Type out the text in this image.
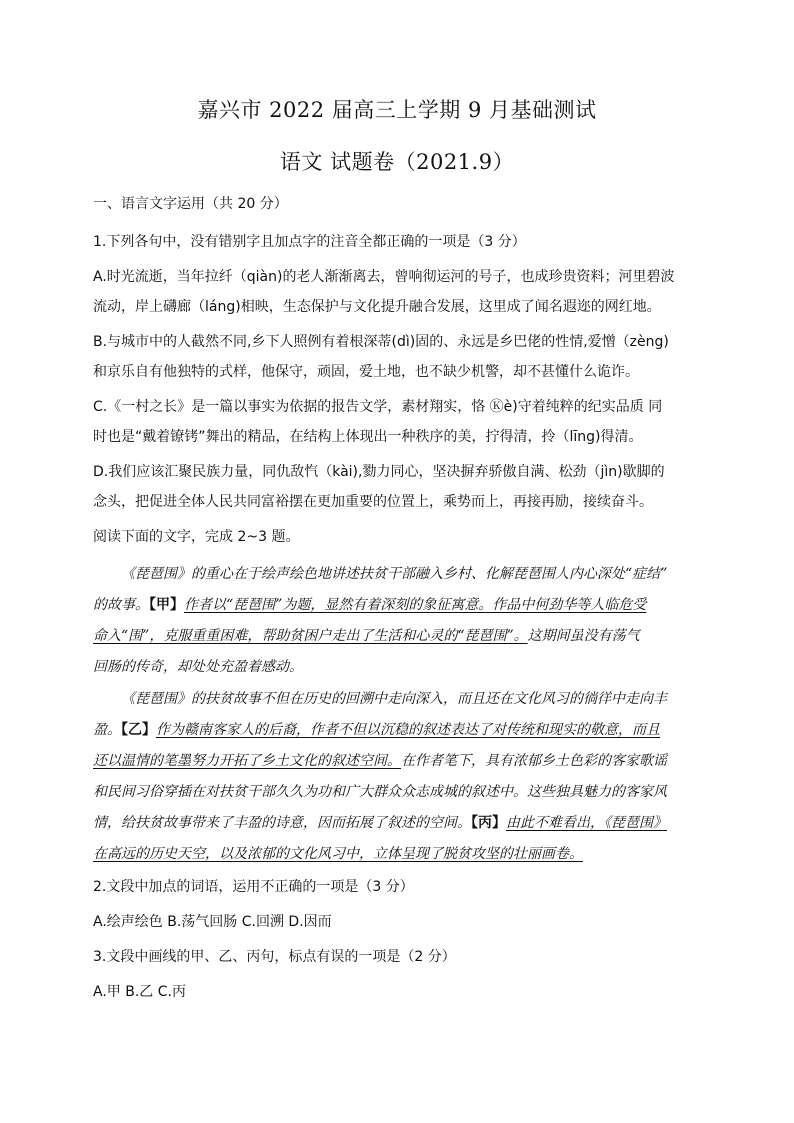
嘉兴市 2022 届高三上学期 9 月基础测试
语文 试题卷（2021.9）
一、语言文字运用（共 20 分）
1.下列各句中，没有错别字且加点字的注音全都正确的一项是（3 分）
A.时光流逝，当年拉纤（qiàn)的老人渐渐离去，曾响彻运河的号子，也成珍贵资料；河里碧波
流动，岸上礴廊（láng)相映，生态保护与文化提升融合发展，这里成了闻名遐迩的网红地。
B.与城市中的人截然不同,乡下人照例有着根深蒂(dì)固的、永远是乡巴佬的性情,爱憎（zèng)
和京乐自有他独特的式样，他保守，顽固，爱土地，也不缺少机警，却不甚懂什么诡诈。
C.《一村之长》是一篇以事实为依据的报告文学，素材翔实，恪 Ⓚè)守着纯粹的纪实品质 同
时也是“戴着镣铐”舞出的精品，在结构上体现出一种秩序的美，拧得清，拎（līng)得清。
D.我们应该汇聚民族力量，同仇敌忾（kài),勠力同心，坚决摒弃骄傲自满、松劲（jìn)歇脚的
念头，把促进全体人民共同富裕摆在更加重要的位置上，乘势而上，再接再励，接续奋斗。
阅读下面的文字，完成 2~3 题。
《琵琶围》的重心在于绘声绘色地讲述扶贫干部融入乡村、化解琵琶围人内心深处“症结”
的故事。【甲】作者以“琵琶围”为题，显然有着深刻的象征寓意。作品中何劲华等人临危受
命入“围”，克服重重困难，帮助贫困户走出了生活和心灵的“琵琶围”。这期间虽没有荡气
回肠的传奇，却处处充盈着感动。
《琵琶围》的扶贫故事不但在历史的回溯中走向深入，而且还在文化风习的徜徉中走向丰
盈。【乙】作为赣南客家人的后裔，作者不但以沉稳的叙述表达了对传统和现实的敬意，而且
还以温情的笔墨努力开拓了乡土文化的叙述空间。在作者笔下，具有浓郁乡土色彩的客家歌谣
和民间习俗穿插在对扶贫干部久久为功和广大群众众志成城的叙述中。这些独具魅力的客家风
情，给扶贫故事带来了丰盈的诗意，因而拓展了叙述的空间。【丙】由此不难看出，《琵琶围》
在高远的历史天空，以及浓郁的文化风习中，立体呈现了脱贫攻坚的壮丽画卷。
2.文段中加点的词语，运用不正确的一项是（3 分）
A.绘声绘色 B.荡气回肠 C.回溯 D.因而
3.文段中画线的甲、乙、丙句，标点有误的一项是（2 分）
A.甲 B.乙 C.丙
